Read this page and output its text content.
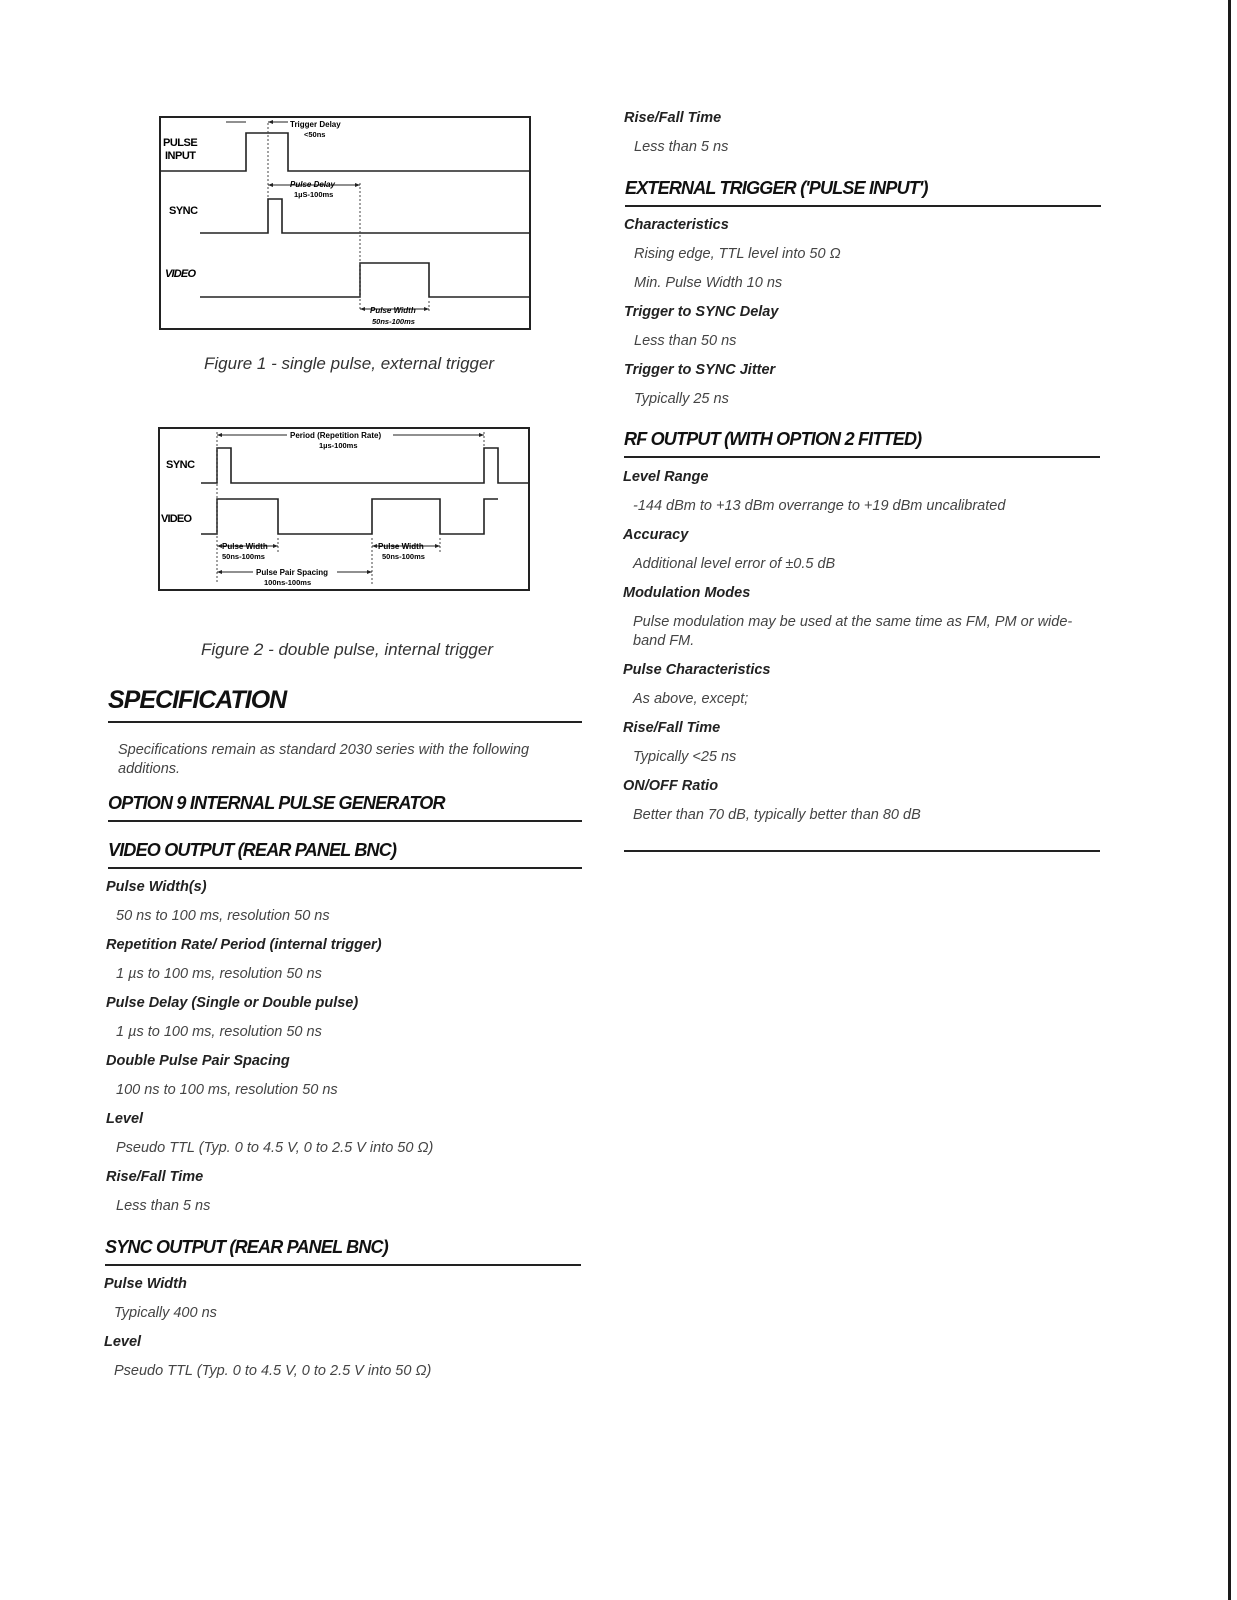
Trigger Delay
<50ns
Pulse Delay
1µS-100ms
Pulse Width
50ns-100ms
PULSE
INPUT
SYNC
VIDEO
Figure 1 - single pulse, external trigger
Period (Repetition Rate)
1µs-100ms
Pulse Width
50ns-100ms
Pulse Width
50ns-100ms
Pulse Pair Spacing
100ns-100ms
SYNC
VIDEO
Figure 2 - double pulse, internal trigger
SPECIFICATION
Specifications remain as standard 2030 series with the following additions.
OPTION 9 INTERNAL PULSE GENERATOR
VIDEO OUTPUT (REAR PANEL BNC)
Pulse Width(s)
50 ns to 100 ms, resolution 50 ns
Repetition Rate/ Period (internal trigger)
1 µs to 100 ms, resolution 50 ns
Pulse Delay (Single or Double pulse)
1 µs to 100 ms, resolution 50 ns
Double Pulse Pair Spacing
100 ns to 100 ms, resolution 50 ns
Level
Pseudo TTL (Typ. 0 to 4.5 V, 0 to 2.5 V into 50 Ω)
Rise/Fall Time
Less than 5 ns
SYNC OUTPUT (REAR PANEL BNC)
Pulse Width
Typically 400 ns
Level
Pseudo TTL (Typ. 0 to 4.5 V, 0 to 2.5 V into 50 Ω)
Rise/Fall Time
Less than 5 ns
EXTERNAL TRIGGER ('PULSE INPUT')
Characteristics
Rising edge, TTL level into 50 Ω
Min. Pulse Width 10 ns
Trigger to SYNC Delay
Less than 50 ns
Trigger to SYNC Jitter
Typically 25 ns
RF OUTPUT (WITH OPTION 2 FITTED)
Level Range
-144 dBm to +13 dBm overrange to +19 dBm uncalibrated
Accuracy
Additional level error of ±0.5 dB
Modulation Modes
Pulse modulation may be used at the same time as FM, PM or wide-band FM.
Pulse Characteristics
As above, except;
Rise/Fall Time
Typically <25 ns
ON/OFF Ratio
Better than 70 dB, typically better than 80 dB
